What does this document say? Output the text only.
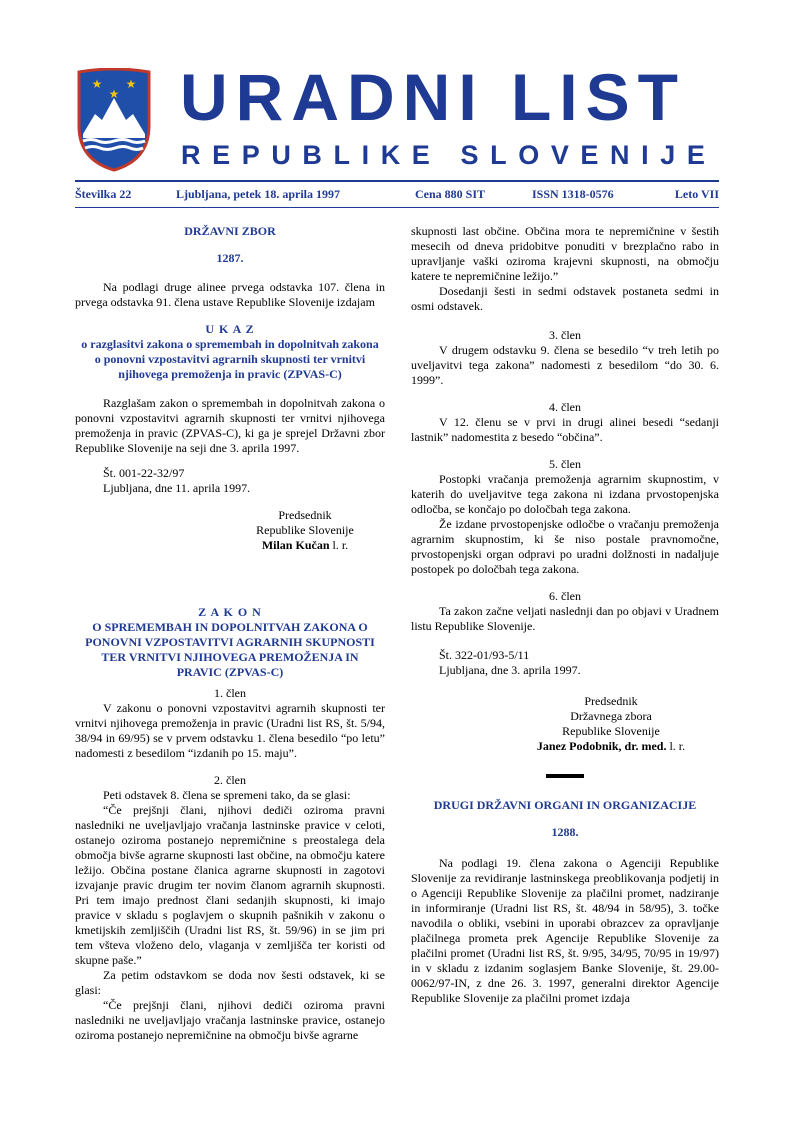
★ ★
★ URADNI LIST
REPUBLIKE SLOVENIJE
Številka 22	Ljubljana, petek 18. aprila 1997	Cena 880 SIT	ISSN 1318-0576	Leto VII
DRŽAVNI ZBOR
1287.

Na podlagi druge alinee prvega odstavka 107. člena in prvega odstavka 91. člena ustave Republike Slovenije izdajam

U K A Z
o razglasitvi zakona o spremembah in dopolnitvah zakona o ponovni vzpostavitvi agrarnih skupnosti ter vrnitvi njihovega premoženja in pravic (ZPVAS-C)

Razglašam zakon o spremembah in dopolnitvah zakona o ponovni vzpostavitvi agrarnih skupnosti ter vrnitvi njihovega premoženja in pravic (ZPVAS-C), ki ga je sprejel Državni zbor Republike Slovenije na seji dne 3. aprila 1997.

Št. 001-22-32/97

Ljubljana, dne 11. aprila 1997.

Predsednik

Republike Slovenije

Milan Kučan l. r.

Z A K O N
O SPREMEMBAH IN DOPOLNITVAH ZAKONA O PONOVNI VZPOSTAVITVI AGRARNIH SKUPNOSTI TER VRNITVI NJIHOVEGA PREMOŽENJA IN PRAVIC (ZPVAS-C)

1. člen

V zakonu o ponovni vzpostavitvi agrarnih skupnosti ter vrnitvi njihovega premoženja in pravic (Uradni list RS, št. 5/94, 38/94 in 69/95) se v prvem odstavku 1. člena besedilo “po letu” nadomesti z besedilom “izdanih po 15. maju”.

2. člen

Peti odstavek 8. člena se spremeni tako, da se glasi:

“Če prejšnji člani, njihovi dediči oziroma pravni nasledniki ne uveljavljajo vračanja lastninske pravice v celoti, ostanejo oziroma postanejo nepremičnine s preostalega dela območja bivše agrarne skupnosti last občine, na območju katere ležijo. Občina postane članica agrarne skupnosti in zagotovi izvajanje pravic drugim ter novim članom agrarnih skupnosti. Pri tem imajo prednost člani sedanjih skupnosti, ki imajo pravice v skladu s poglavjem o skupnih pašnikih v zakonu o kmetijskih zemljiščih (Uradni list RS, št. 59/96) in se jim pri tem všteva vloženo delo, vlaganja v zemljišča ter koristi od skupne paše.”

Za petim odstavkom se doda nov šesti odstavek, ki se glasi:

“Če prejšnji člani, njihovi dediči oziroma pravni nasledniki ne uveljavljajo vračanja lastninske pravice, ostanejo oziroma postanejo nepremičnine na območju bivše agrarne

skupnosti last občine. Občina mora te nepremičnine v šestih mesecih od dneva pridobitve ponuditi v brezplačno rabo in upravljanje vaški oziroma krajevni skupnosti, na območju katere te nepremičnine ležijo.”

Dosedanji šesti in sedmi odstavek postaneta sedmi in osmi odstavek.

3. člen

V drugem odstavku 9. člena se besedilo “v treh letih po uveljavitvi tega zakona” nadomesti z besedilom “do 30. 6. 1999”.

4. člen

V 12. členu se v prvi in drugi alinei besedi “sedanji lastnik” nadomestita z besedo “občina”.

5. člen

Postopki vračanja premoženja agrarnim skupnostim, v katerih do uveljavitve tega zakona ni izdana prvostopenjska odločba, se končajo po določbah tega zakona.

Že izdane prvostopenjske odločbe o vračanju premoženja agrarnim skupnostim, ki še niso postale pravnomočne, prvostopenjski organ odpravi po uradni dolžnosti in nadaljuje postopek po določbah tega zakona.

6. člen

Ta zakon začne veljati naslednji dan po objavi v Uradnem listu Republike Slovenije.

Št. 322-01/93-5/11

Ljubljana, dne 3. aprila 1997.

Predsednik

Državnega zbora

Republike Slovenije

Janez Podobnik, dr. med. l. r.

DRUGI DRŽAVNI ORGANI IN ORGANIZACIJE
1288.

Na podlagi 19. člena zakona o Agenciji Republike Slovenije za revidiranje lastninskega preoblikovanja podjetij in o Agenciji Republike Slovenije za plačilni promet, nadziranje in informiranje (Uradni list RS, št. 48/94 in 58/95), 3. točke navodila o obliki, vsebini in uporabi obrazcev za opravljanje plačilnega prometa prek Agencije Republike Slovenije za plačilni promet (Uradni list RS, št. 9/95, 34/95, 70/95 in 19/97) in v skladu z izdanim soglasjem Banke Slovenije, št. 29.00-0062/97-IN, z dne 26. 3. 1997, generalni direktor Agencije Republike Slovenije za plačilni promet izdaja
